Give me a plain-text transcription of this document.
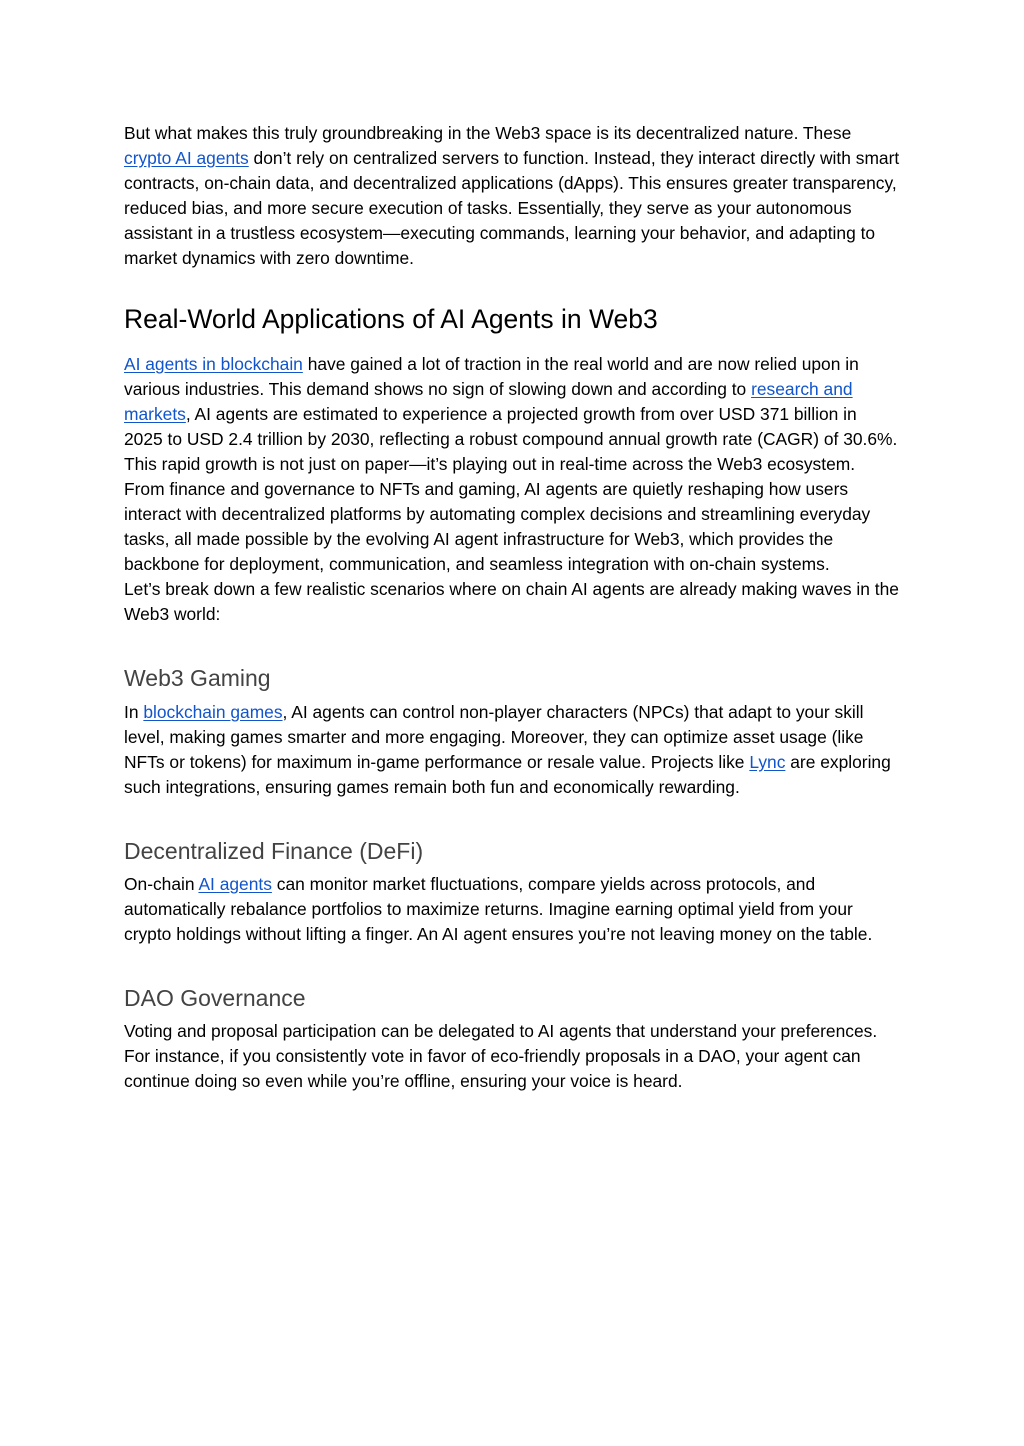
But what makes this truly groundbreaking in the Web3 space is its decentralized nature. These crypto AI agents don’t rely on centralized servers to function. Instead, they interact directly with smart contracts, on-chain data, and decentralized applications (dApps). This ensures greater transparency, reduced bias, and more secure execution of tasks. Essentially, they serve as your autonomous assistant in a trustless ecosystem—executing commands, learning your behavior, and adapting to market dynamics with zero downtime.

Real-World Applications of AI Agents in Web3

AI agents in blockchain have gained a lot of traction in the real world and are now relied upon in various industries. This demand shows no sign of slowing down and according to research and markets, AI agents are estimated to experience a projected growth from over USD 371 billion in 2025 to USD 2.4 trillion by 2030, reflecting a robust compound annual growth rate (CAGR) of 30.6%.

This rapid growth is not just on paper—it’s playing out in real-time across the Web3 ecosystem. From finance and governance to NFTs and gaming, AI agents are quietly reshaping how users interact with decentralized platforms by automating complex decisions and streamlining everyday tasks, all made possible by the evolving AI agent infrastructure for Web3, which provides the backbone for deployment, communication, and seamless integration with on-chain systems.

Let’s break down a few realistic scenarios where on chain AI agents are already making waves in the Web3 world:

Web3 Gaming

In blockchain games, AI agents can control non-player characters (NPCs) that adapt to your skill level, making games smarter and more engaging. Moreover, they can optimize asset usage (like NFTs or tokens) for maximum in-game performance or resale value. Projects like Lync are exploring such integrations, ensuring games remain both fun and economically rewarding.

Decentralized Finance (DeFi)

On-chain AI agents can monitor market fluctuations, compare yields across protocols, and automatically rebalance portfolios to maximize returns. Imagine earning optimal yield from your crypto holdings without lifting a finger. An AI agent ensures you’re not leaving money on the table.

DAO Governance

Voting and proposal participation can be delegated to AI agents that understand your preferences. For instance, if you consistently vote in favor of eco-friendly proposals in a DAO, your agent can continue doing so even while you’re offline, ensuring your voice is heard.
